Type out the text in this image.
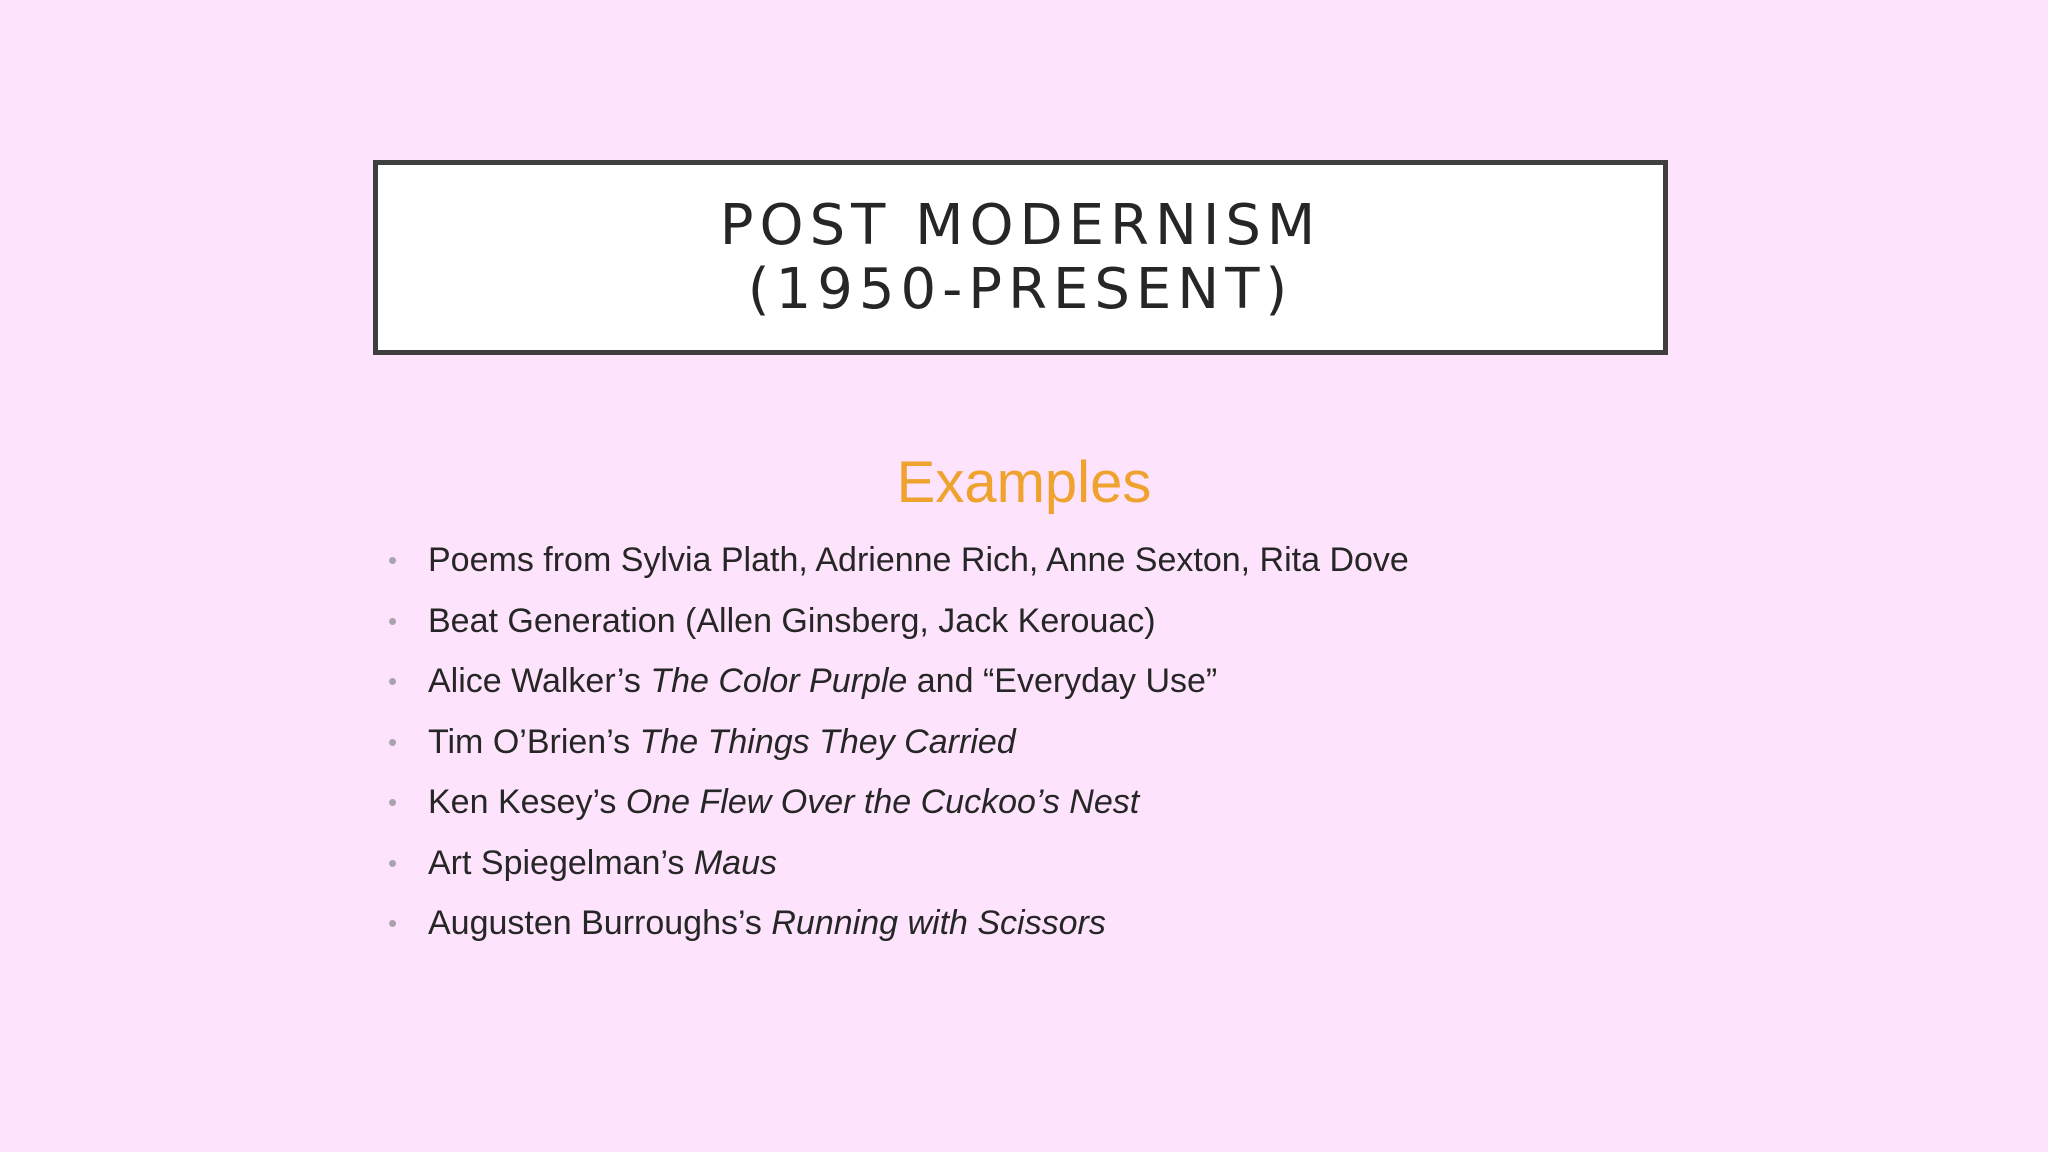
POST MODERNISM
(1950-PRESENT)
Examples
• Poems from Sylvia Plath, Adrienne Rich, Anne Sexton, Rita Dove
• Beat Generation (Allen Ginsberg, Jack Kerouac)
• Alice Walker’s The Color Purple and “Everyday Use”
• Tim O’Brien’s The Things They Carried
• Ken Kesey’s One Flew Over the Cuckoo’s Nest
• Art Spiegelman’s Maus
• Augusten Burroughs’s Running with Scissors
